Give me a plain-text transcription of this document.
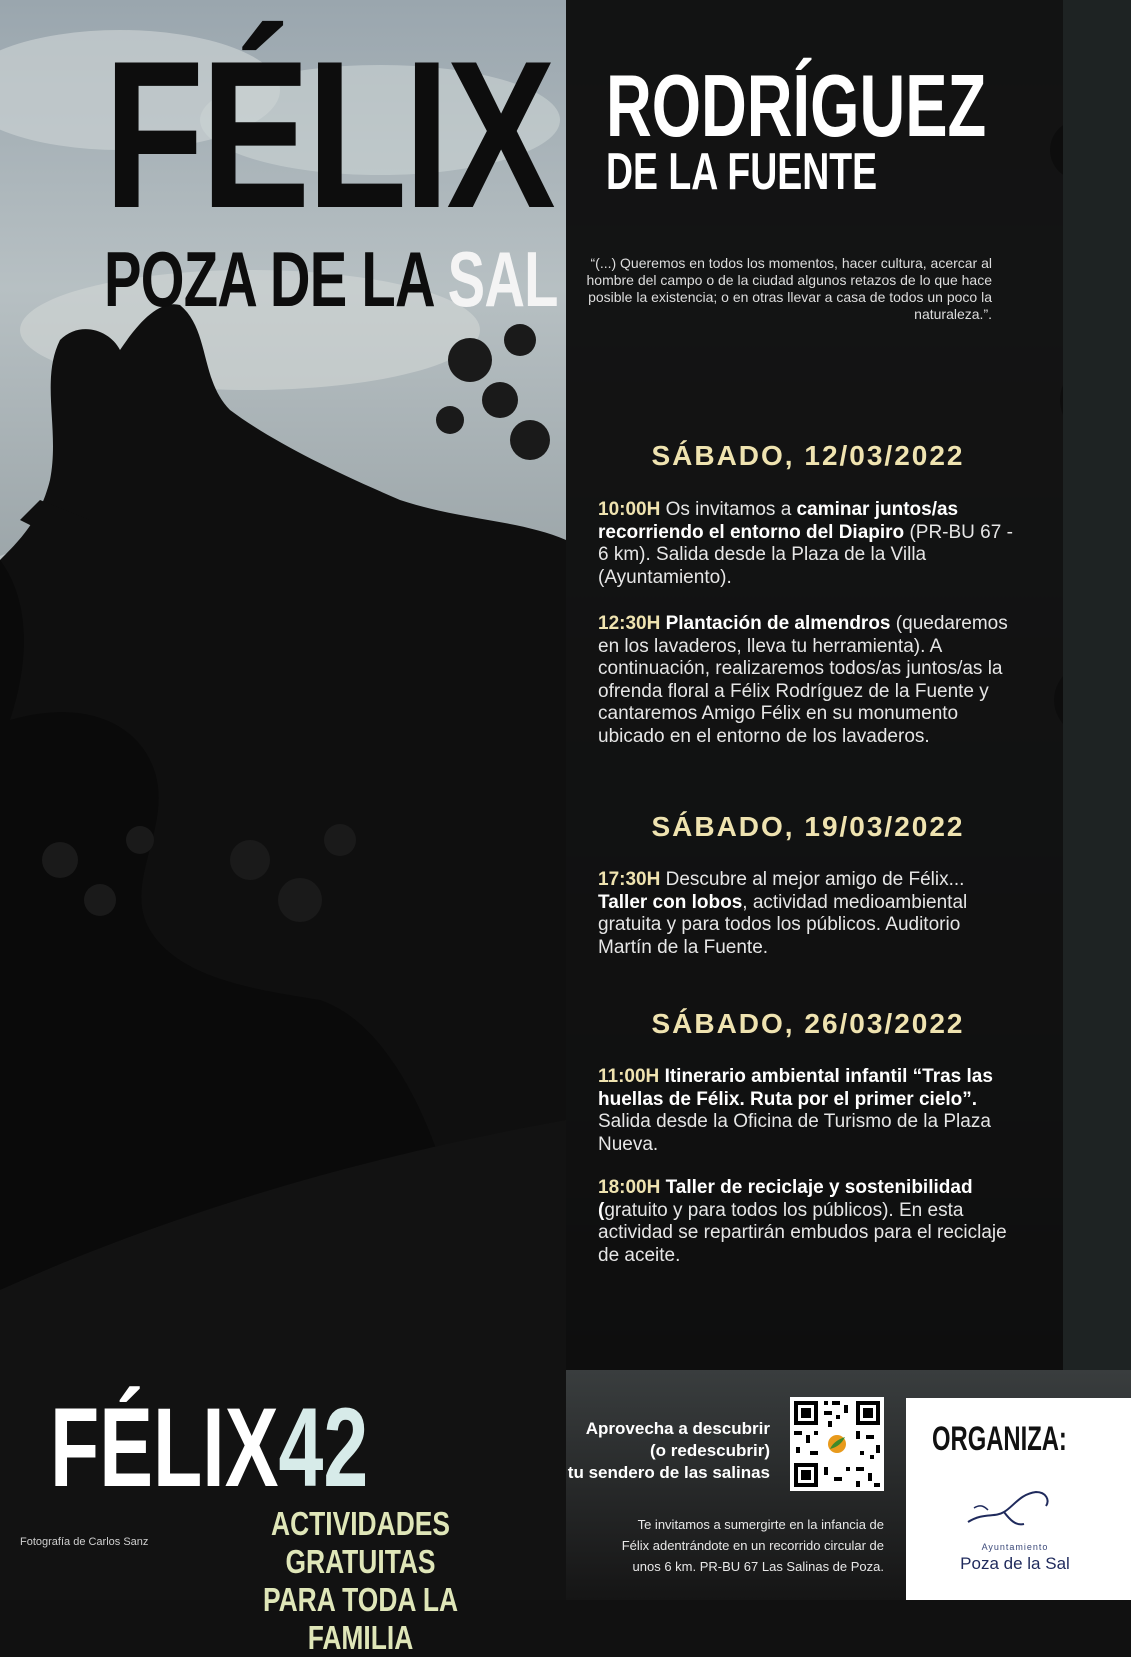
FÉLIX
POZA DE LA SAL
RODRÍGUEZ
DE LA FUENTE
“(...) Queremos en todos los momentos, hacer cultura, acercar al hombre del campo o de la ciudad algunos retazos de lo que hace posible la existencia; o en otras llevar a casa de todos un poco la naturaleza.”.
SÁBADO, 12/03/2022
10:00H Os invitamos a caminar juntos/as recorriendo el entorno del Diapiro (PR-BU 67 - 6 km). Salida desde la Plaza de la Villa (Ayuntamiento).
12:30H Plantación de almendros (quedaremos en los lavaderos, lleva tu herramienta). A continuación, realizaremos todos/as juntos/as la ofrenda floral a Félix Rodríguez de la Fuente y cantaremos Amigo Félix en su monumento ubicado en el entorno de los lavaderos.
SÁBADO, 19/03/2022
17:30H Descubre al mejor amigo de Félix... Taller con lobos, actividad medioambiental gratuita y para todos los públicos. Auditorio Martín de la Fuente.
SÁBADO, 26/03/2022
11:00H Itinerario ambiental infantil “Tras las huellas de Félix. Ruta por el primer cielo”. Salida desde la Oficina de Turismo de la Plaza Nueva.
18:00H Taller de reciclaje y sostenibilidad (gratuito y para todos los públicos). En esta actividad se repartirán embudos para el reciclaje de aceite.
FÉLIX42
ACTIVIDADES GRATUITAS
PARA TODA LA FAMILIA
Fotografía de Carlos Sanz
Aprovecha a descubrir
(o redescubrir)
tu sendero de las salinas
Te invitamos a sumergirte en la infancia de
Félix adentrándote en un recorrido circular de
unos 6 km. PR-BU 67 Las Salinas de Poza.
ORGANIZA:
Ayuntamiento
Poza de la Sal
